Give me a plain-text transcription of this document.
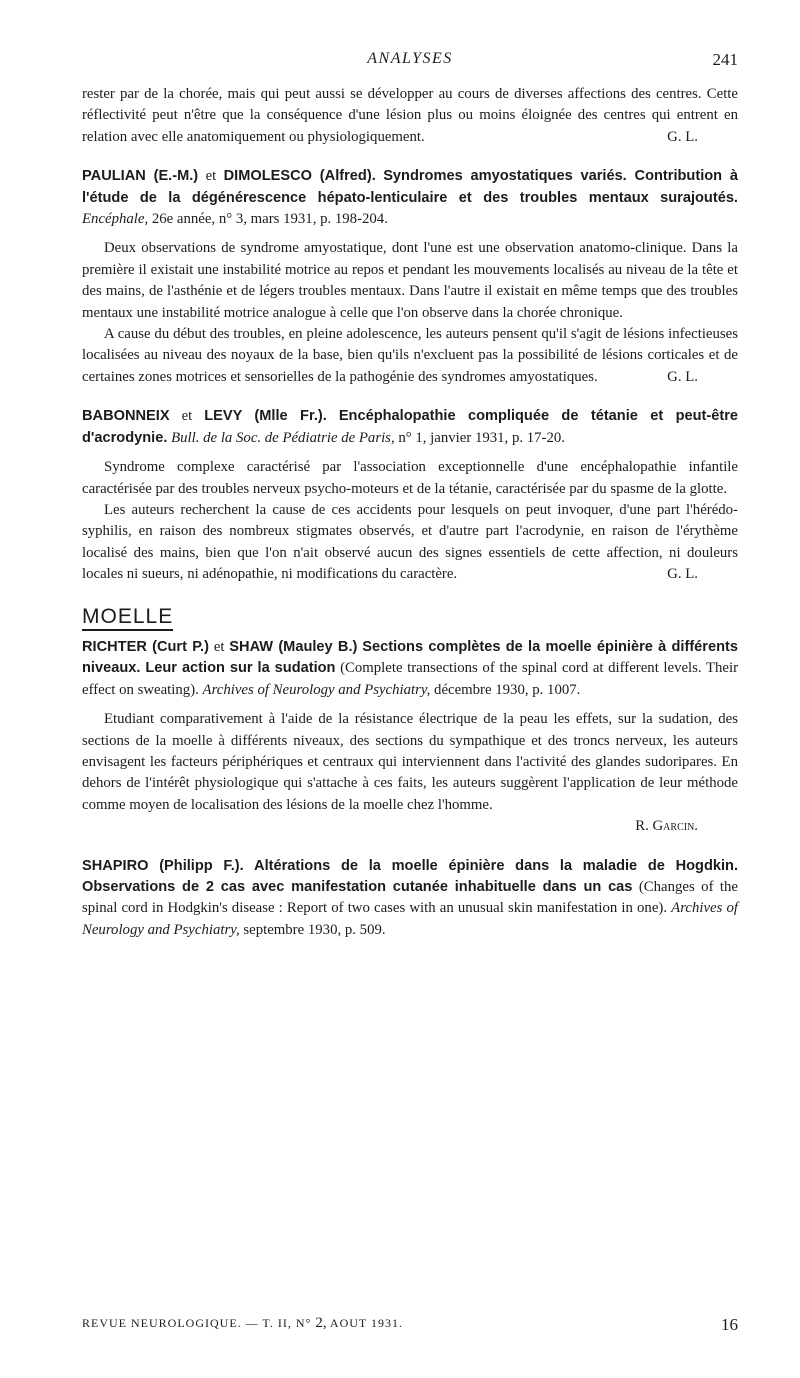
ANALYSES	241

rester par de la chorée, mais qui peut aussi se développer au cours de diverses affections des centres. Cette réflectivité peut n'être que la conséquence d'une lésion plus ou moins éloignée des centres qui entrent en relation avec elle anatomiquement ou physiologiquement.	G. L.

PAULIAN (E.-M.) et DIMOLESCO (Alfred). Syndromes amyostatiques variés. Contribution à l'étude de la dégénérescence hépato-lenticulaire et des troubles mentaux surajoutés. Encéphale, 26e année, n° 3, mars 1931, p. 198-204.

Deux observations de syndrome amyostatique, dont l'une est une observation anatomo-clinique. Dans la première il existait une instabilité motrice au repos et pendant les mouvements localisés au niveau de la tête et des mains, de l'asthénie et de légers troubles mentaux. Dans l'autre il existait en même temps que des troubles mentaux une instabilité motrice analogue à celle que l'on observe dans la chorée chronique.

A cause du début des troubles, en pleine adolescence, les auteurs pensent qu'il s'agit de lésions infectieuses localisées au niveau des noyaux de la base, bien qu'ils n'excluent pas la possibilité de lésions corticales et de certaines zones motrices et sensorielles de la pathogénie des syndromes amyostatiques.	G. L.

BABONNEIX et LEVY (Mlle Fr.). Encéphalopathie compliquée de tétanie et peut-être d'acrodynie. Bull. de la Soc. de Pédiatrie de Paris, n° 1, janvier 1931, p. 17-20.

Syndrome complexe caractérisé par l'association exceptionnelle d'une encéphalopathie infantile caractérisée par des troubles nerveux psycho-moteurs et de la tétanie, caractérisée par du spasme de la glotte.

Les auteurs recherchent la cause de ces accidents pour lesquels on peut invoquer, d'une part l'hérédo-syphilis, en raison des nombreux stigmates observés, et d'autre part l'acrodynie, en raison de l'érythème localisé des mains, bien que l'on n'ait observé aucun des signes essentiels de cette affection, ni douleurs locales ni sueurs, ni adénopathie, ni modifications du caractère.	G. L.

MOELLE

RICHTER (Curt P.) et SHAW (Mauley B.) Sections complètes de la moelle épinière à différents niveaux. Leur action sur la sudation (Complete transections of the spinal cord at different levels. Their effect on sweating). Archives of Neurology and Psychiatry, décembre 1930, p. 1007.

Etudiant comparativement à l'aide de la résistance électrique de la peau les effets, sur la sudation, des sections de la moelle à différents niveaux, des sections du sympathique et des troncs nerveux, les auteurs envisagent les facteurs périphériques et centraux qui interviennent dans l'activité des glandes sudoripares. En dehors de l'intérêt physiologique qui s'attache à ces faits, les auteurs suggèrent l'application de leur méthode comme moyen de localisation des lésions de la moelle chez l'homme.

R. Garcin.

SHAPIRO (Philipp F.). Altérations de la moelle épinière dans la maladie de Hogdkin. Observations de 2 cas avec manifestation cutanée inhabituelle dans un cas (Changes of the spinal cord in Hodgkin's disease : Report of two cases with an unusual skin manifestation in one). Archives of Neurology and Psychiatry, septembre 1930, p. 509.

REVUE NEUROLOGIQUE. — T. II, N° 2, AOUT 1931.	16
